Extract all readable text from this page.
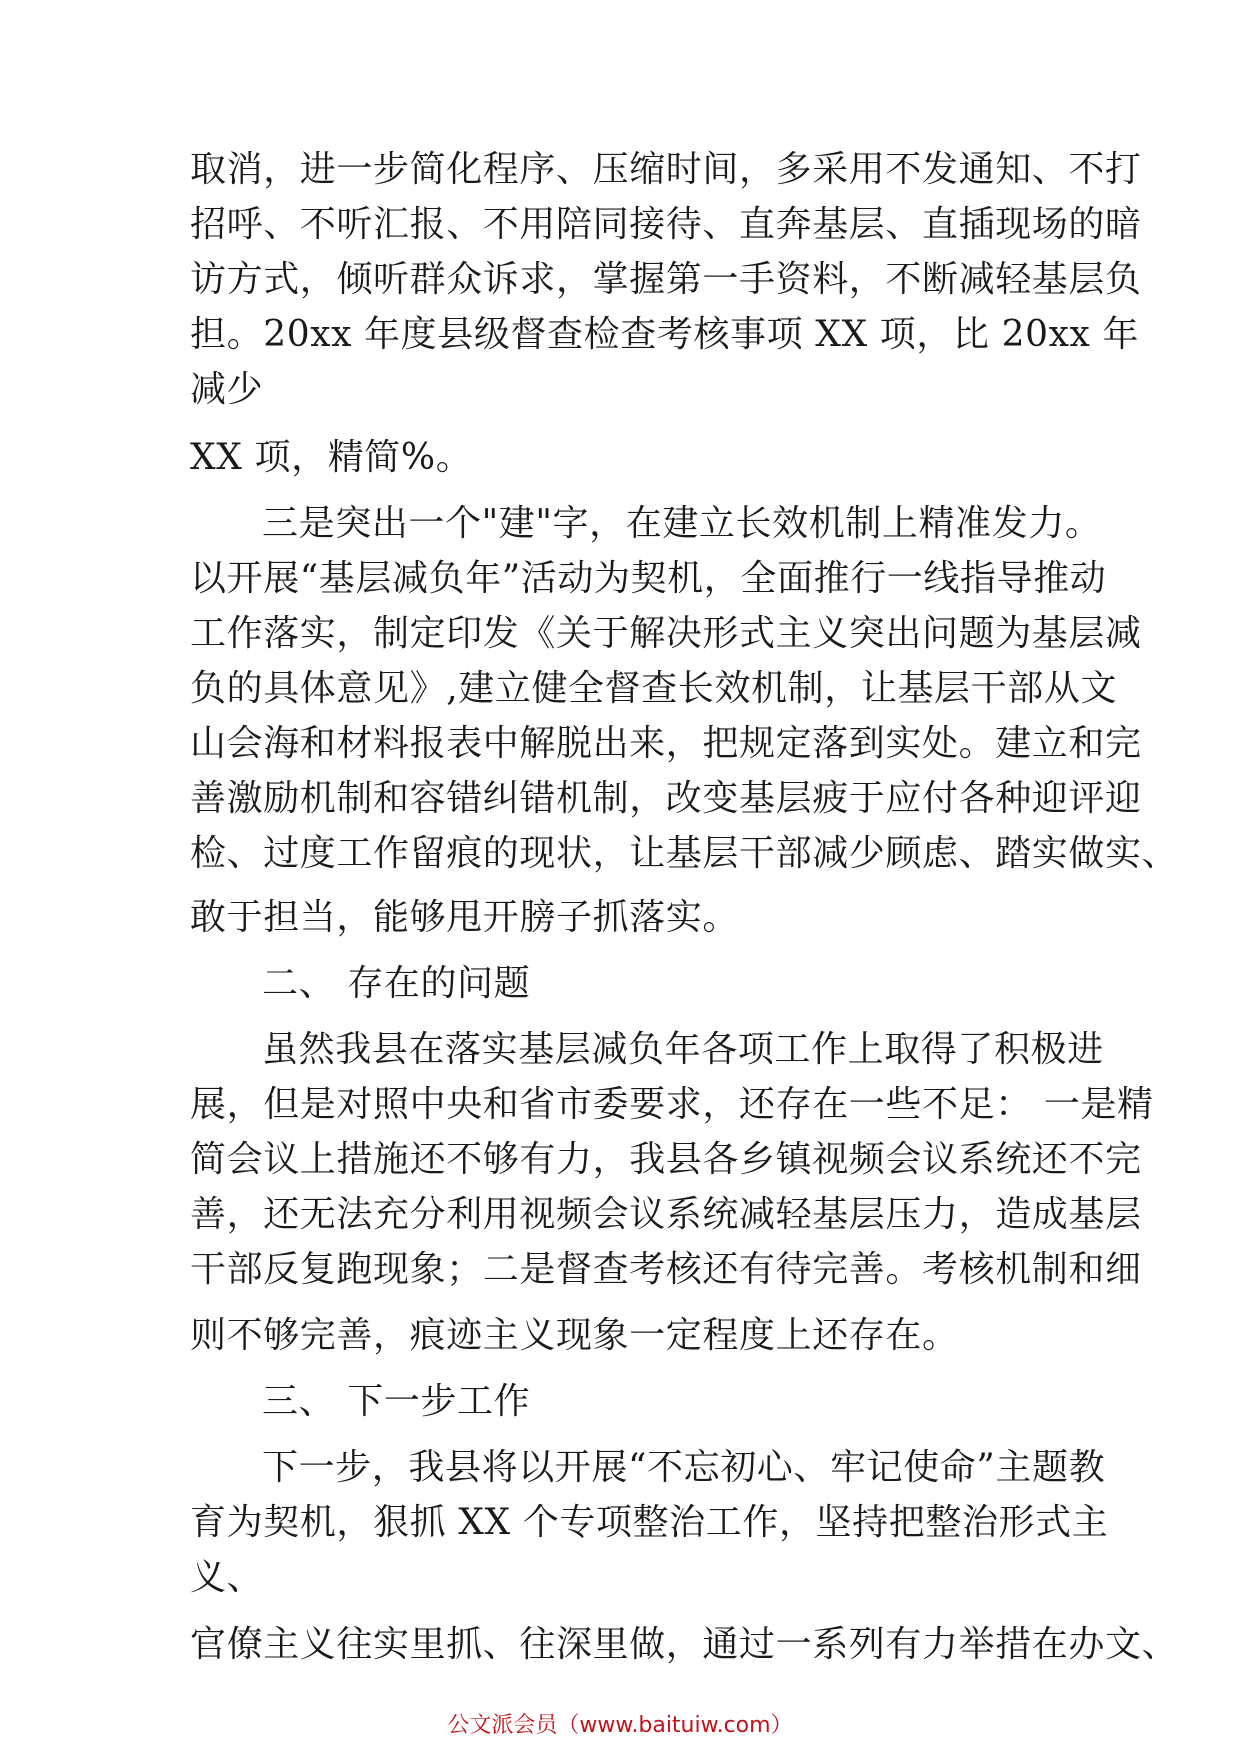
取消，进一步简化程序、压缩时间，多采用不发通知、不打
招呼、不听汇报、不用陪同接待、直奔基层、直插现场的暗
访方式，倾听群众诉求，掌握第一手资料，不断减轻基层负
担。20xx 年度县级督查检查考核事项 XX 项，比 20xx 年
减少
XX 项，精简%。
三是突出一个"建"字，在建立长效机制上精准发力。
以开展“基层减负年”活动为契机，全面推行一线指导推动
工作落实，制定印发《关于解决形式主义突出问题为基层减
负的具体意见》,建立健全督查长效机制，让基层干部从文
山会海和材料报表中解脱出来，把规定落到实处。建立和完
善激励机制和容错纠错机制，改变基层疲于应付各种迎评迎
检、过度工作留痕的现状，让基层干部减少顾虑、踏实做实、
敢于担当，能够甩开膀子抓落实。
二、 存在的问题
虽然我县在落实基层减负年各项工作上取得了积极进
展，但是对照中央和省市委要求，还存在一些不足： 一是精
简会议上措施还不够有力，我县各乡镇视频会议系统还不完
善，还无法充分利用视频会议系统减轻基层压力，造成基层
干部反复跑现象；二是督查考核还有待完善。考核机制和细
则不够完善，痕迹主义现象一定程度上还存在。
三、 下一步工作
下一步，我县将以开展“不忘初心、牢记使命”主题教
育为契机，狠抓 XX 个专项整治工作，坚持把整治形式主
义、
官僚主义往实里抓、往深里做，通过一系列有力举措在办文、
公文派会员（www.baituiw.com）
